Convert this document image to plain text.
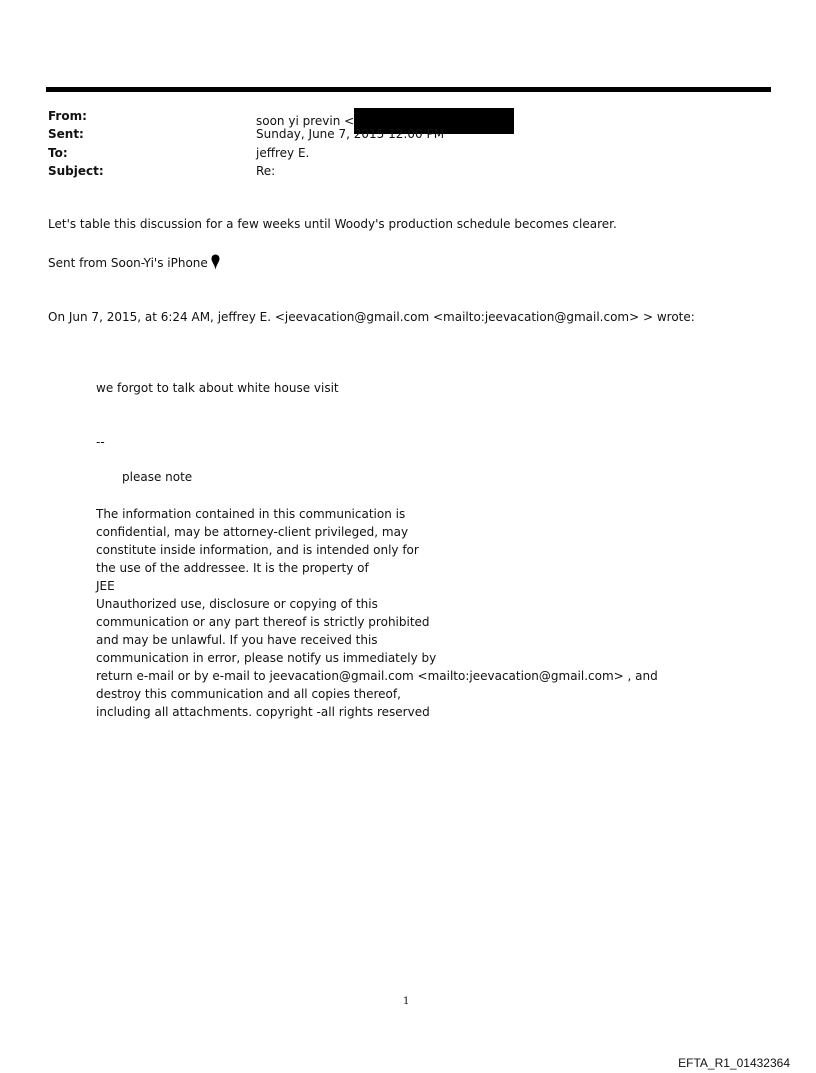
From:	soon yi previn <
Sent:	Sunday, June 7, 2015 12:00 PM
To:	jeffrey E.
Subject:	Re:
Let's table this discussion for a few weeks until Woody's production schedule becomes clearer.
Sent from Soon-Yi's iPhone
On Jun 7, 2015, at 6:24 AM, jeffrey E. <jeevacation@gmail.com <mailto:jeevacation@gmail.com> > wrote:
we forgot to talk about white house visit
--
please note
The information contained in this communication is
confidential, may be attorney-client privileged, may
constitute inside information, and is intended only for
the use of the addressee. It is the property of
JEE
Unauthorized use, disclosure or copying of this
communication or any part thereof is strictly prohibited
and may be unlawful. If you have received this
communication in error, please notify us immediately by
return e-mail or by e-mail to jeevacation@gmail.com <mailto:jeevacation@gmail.com> , and
destroy this communication and all copies thereof,
including all attachments. copyright -all rights reserved
1
EFTA_R1_01432364
